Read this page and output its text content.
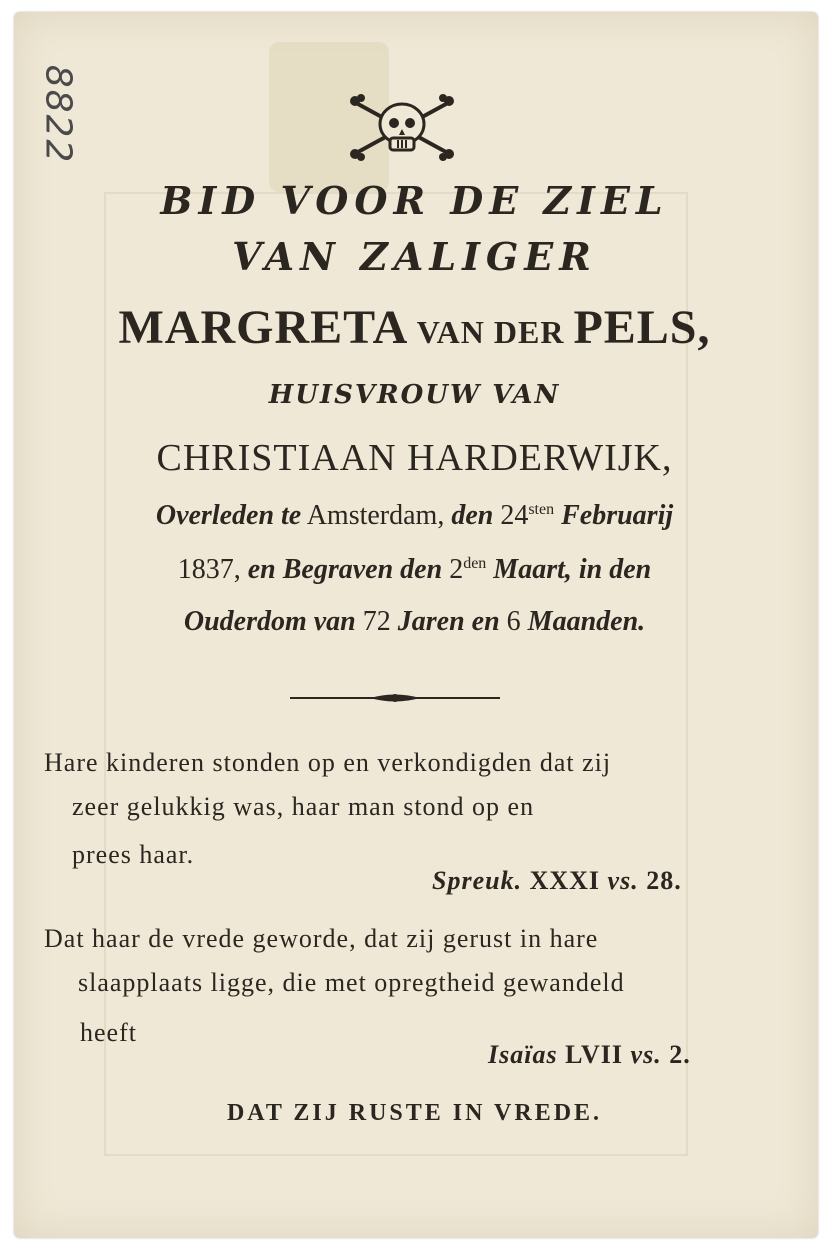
8822
BID VOOR DE ZIEL
VAN ZALIGER
MARGRETA VAN DER PELS,
HUISVROUW VAN
CHRISTIAAN HARDERWIJK,
Overleden te Amsterdam, den $24^{sten}$ Februarij
1837, en Begraven den $2^{den}$ Maart, in den
Ouderdom van 72 Jaren en 6 Maanden.
Hare kinderen stonden op en verkondigden dat zij
zeer gelukkig was, haar man stond op en
prees haar.
Spreuk. XXXI vs. 28.
Dat haar de vrede geworde, dat zij gerust in hare
slaapplaats ligge, die met opregtheid gewandeld
heeft
Isaïas LVII vs. 2.
DAT ZIJ RUSTE IN VREDE.
